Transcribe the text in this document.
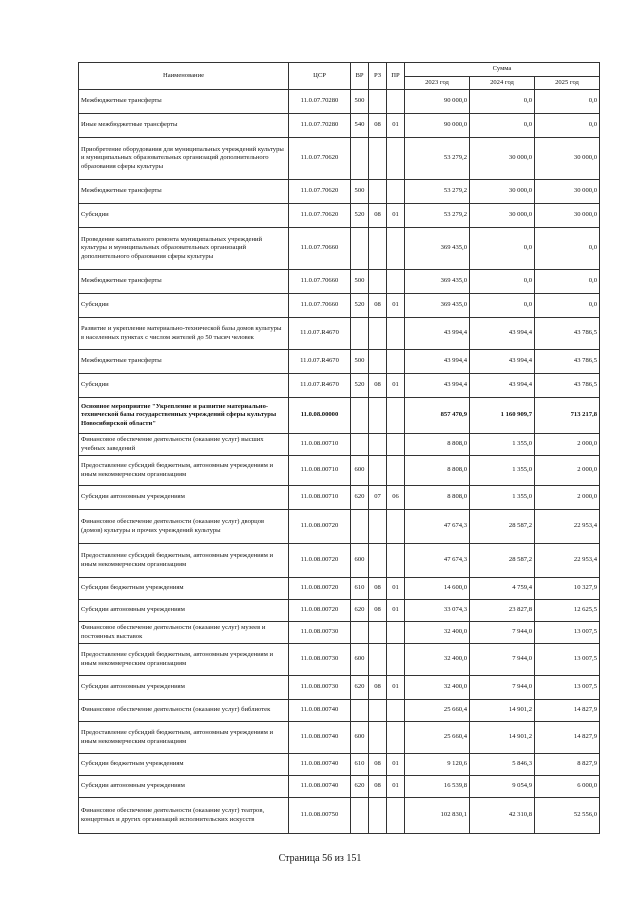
Наименование	ЦСР	ВР	РЗ	ПР	Сумма		
					2023 год	2024 год	2025 год
Межбюджетные трансферты	11.0.07.70280	500			90 000,0	0,0	0,0
Иные межбюджетные трансферты	11.0.07.70280	540	08	01	90 000,0	0,0	0,0
Приобретение оборудования для муниципальных учреждений культуры и муниципальных образовательных организаций дополнительного образования сферы культуры	11.0.07.70620				53 279,2	30 000,0	30 000,0
Межбюджетные трансферты	11.0.07.70620	500			53 279,2	30 000,0	30 000,0
Субсидии	11.0.07.70620	520	08	01	53 279,2	30 000,0	30 000,0
Проведение капитального ремонта муниципальных учреждений культуры и муниципальных образовательных организаций дополнительного образования сферы культуры	11.0.07.70660				369 435,0	0,0	0,0
Межбюджетные трансферты	11.0.07.70660	500			369 435,0	0,0	0,0
Субсидии	11.0.07.70660	520	08	01	369 435,0	0,0	0,0
Развитие и укрепление материально-технической базы домов культуры в населенных пунктах с числом жителей до 50 тысяч человек	11.0.07.R4670				43 994,4	43 994,4	43 786,5
Межбюджетные трансферты	11.0.07.R4670	500			43 994,4	43 994,4	43 786,5
Субсидии	11.0.07.R4670	520	08	01	43 994,4	43 994,4	43 786,5
Основное мероприятие "Укрепление и развитие материально-технической базы государственных учреждений сферы культуры Новосибирской области"	11.0.08.00000				857 470,9	1 160 909,7	713 217,8
Финансовое обеспечение деятельности (оказание услуг) высших учебных заведений	11.0.08.00710				8 808,0	1 355,0	2 000,0
Предоставление субсидий бюджетным, автономным учреждениям и иным некоммерческим организациям	11.0.08.00710	600			8 808,0	1 355,0	2 000,0
Субсидии автономным учреждениям	11.0.08.00710	620	07	06	8 808,0	1 355,0	2 000,0
Финансовое обеспечение деятельности (оказание услуг) дворцов (домов) культуры и прочих учреждений культуры	11.0.08.00720				47 674,3	28 587,2	22 953,4
Предоставление субсидий бюджетным, автономным учреждениям и иным некоммерческим организациям	11.0.08.00720	600			47 674,3	28 587,2	22 953,4
Субсидии бюджетным учреждениям	11.0.08.00720	610	08	01	14 600,0	4 759,4	10 327,9
Субсидии автономным учреждениям	11.0.08.00720	620	08	01	33 074,3	23 827,8	12 625,5
Финансовое обеспечение деятельности (оказание услуг) музеев и постоянных выставок	11.0.08.00730				32 400,0	7 944,0	13 007,5
Предоставление субсидий бюджетным, автономным учреждениям и иным некоммерческим организациям	11.0.08.00730	600			32 400,0	7 944,0	13 007,5
Субсидии автономным учреждениям	11.0.08.00730	620	08	01	32 400,0	7 944,0	13 007,5
Финансовое обеспечение деятельности (оказание услуг) библиотек	11.0.08.00740				25 660,4	14 901,2	14 827,9
Предоставление субсидий бюджетным, автономным учреждениям и иным некоммерческим организациям	11.0.08.00740	600			25 660,4	14 901,2	14 827,9
Субсидии бюджетным учреждениям	11.0.08.00740	610	08	01	9 120,6	5 846,3	8 827,9
Субсидии автономным учреждениям	11.0.08.00740	620	08	01	16 539,8	9 054,9	6 000,0
Финансовое обеспечение деятельности (оказание услуг) театров, концертных и других организаций исполнительских искусств	11.0.08.00750				102 830,1	42 310,8	52 556,0
Страница 56 из 151
